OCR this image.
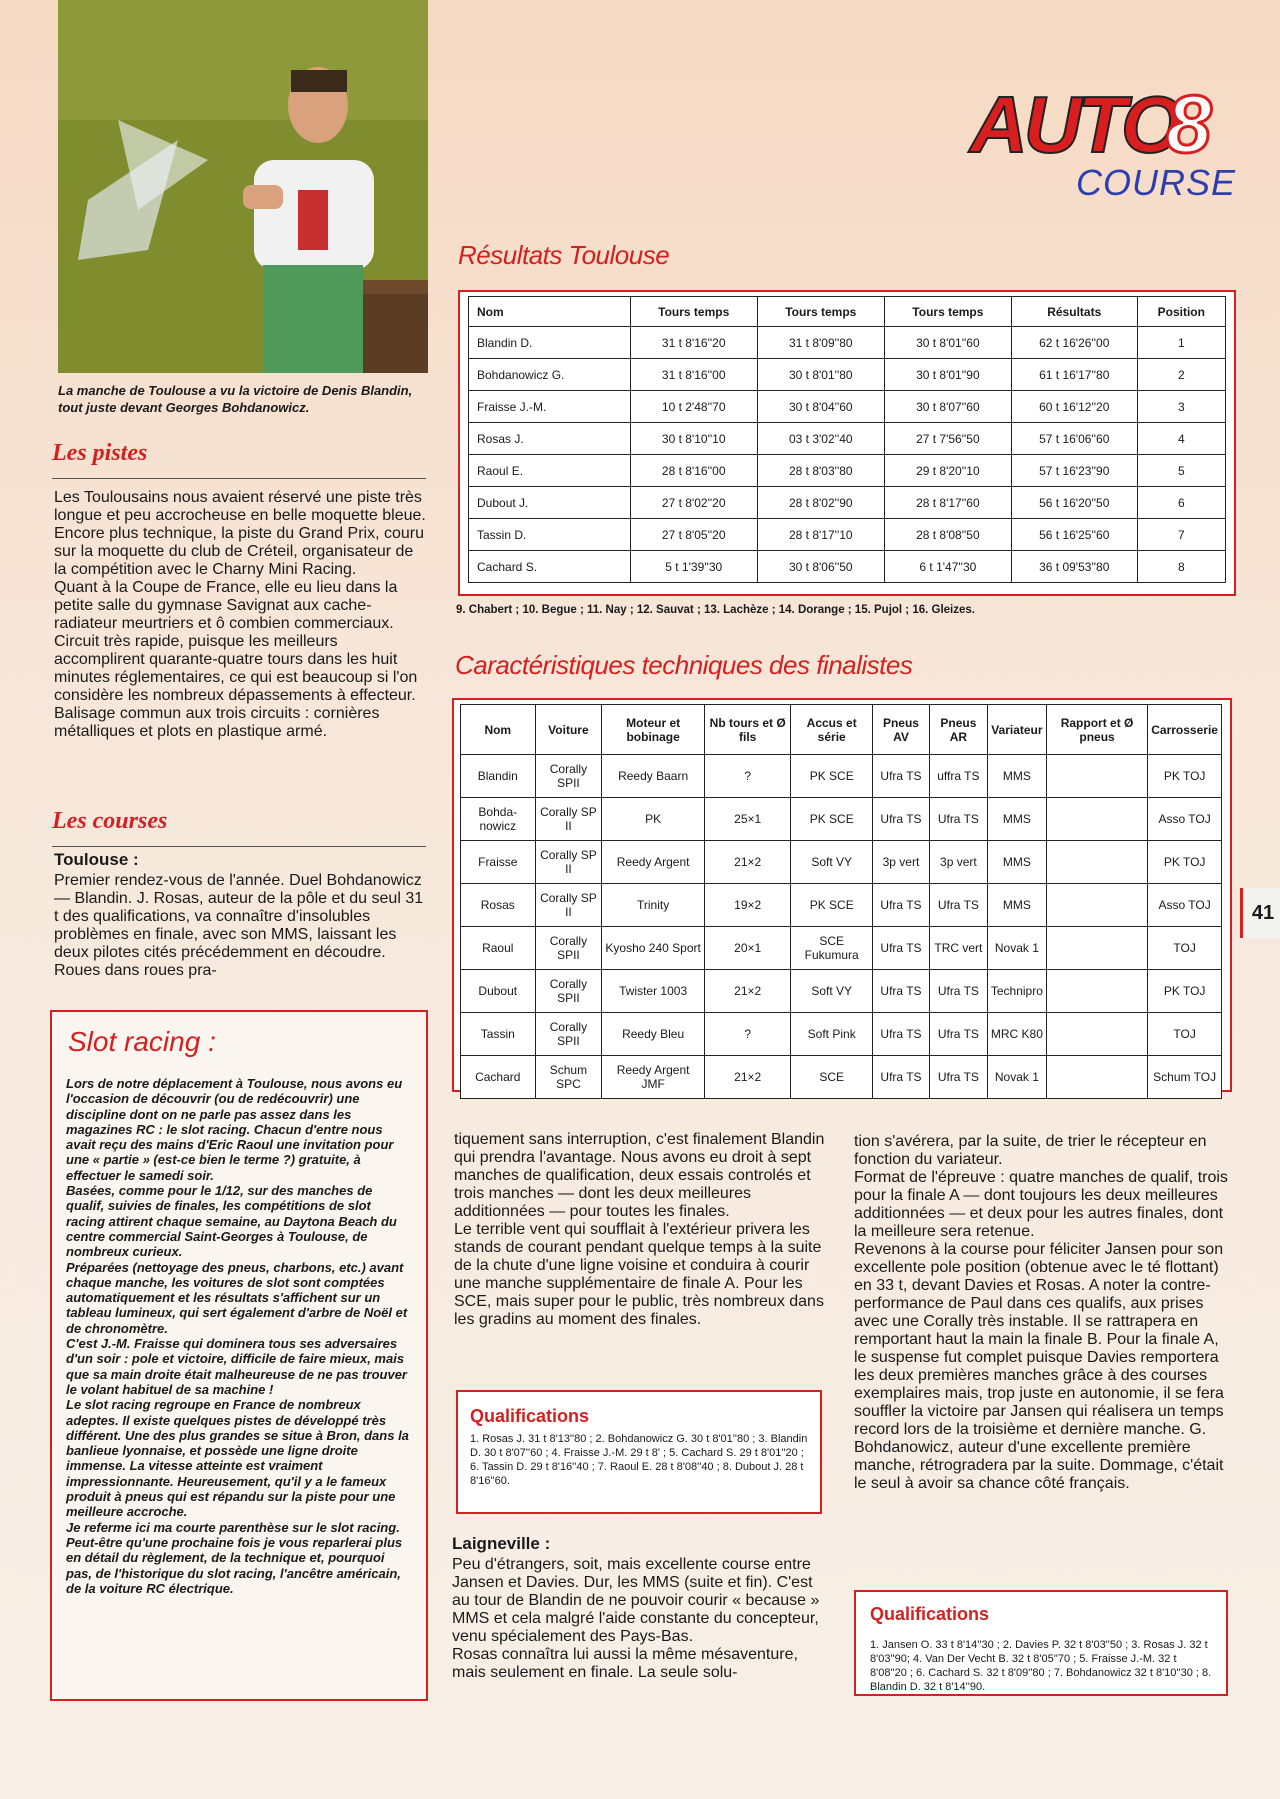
La manche de Toulouse a vu la victoire de Denis Blandin, tout juste devant Georges Bohdanowicz.
AUTO
8
COURSE
Les pistes
Les Toulousains nous avaient réservé une piste très longue et peu accrocheuse en belle moquette bleue. Encore plus technique, la piste du Grand Prix, couru sur la moquette du club de Créteil, organisateur de la compétition avec le Charny Mini Racing.
Quant à la Coupe de France, elle eu lieu dans la petite salle du gymnase Savignat aux cache-radiateur meurtriers et ô combien commerciaux. Circuit très rapide, puisque les meilleurs accomplirent quarante-quatre tours dans les huit minutes réglementaires, ce qui est beaucoup si l'on considère les nombreux dépassements à effecteur. Balisage commun aux trois circuits : cornières métalliques et plots en plastique armé.
Les courses
Toulouse :
Premier rendez-vous de l'année. Duel Bohdanowicz — Blandin. J. Rosas, auteur de la pôle et du seul 31 t des qualifications, va connaître d'insolubles problèmes en finale, avec son MMS, laissant les deux pilotes cités précédemment en découdre. Roues dans roues pra-
Slot racing :
Lors de notre déplacement à Toulouse, nous avons eu l'occasion de découvrir (ou de redécouvrir) une discipline dont on ne parle pas assez dans les magazines RC : le slot racing. Chacun d'entre nous avait reçu des mains d'Eric Raoul une invitation pour une « partie » (est-ce bien le terme ?) gratuite, à effectuer le samedi soir.
Basées, comme pour le 1/12, sur des manches de qualif, suivies de finales, les compétitions de slot racing attirent chaque semaine, au Daytona Beach du centre commercial Saint-Georges à Toulouse, de nombreux curieux.
Préparées (nettoyage des pneus, charbons, etc.) avant chaque manche, les voitures de slot sont comptées automatiquement et les résultats s'affichent sur un tableau lumineux, qui sert également d'arbre de Noël et de chronomètre.
C'est J.-M. Fraisse qui dominera tous ses adversaires d'un soir : pole et victoire, difficile de faire mieux, mais que sa main droite était malheureuse de ne pas trouver le volant habituel de sa machine !
Le slot racing regroupe en France de nombreux adeptes. Il existe quelques pistes de développé très différent. Une des plus grandes se situe à Bron, dans la banlieue lyonnaise, et possède une ligne droite immense. La vitesse atteinte est vraiment impressionnante. Heureusement, qu'il y a le fameux produit à pneus qui est répandu sur la piste pour une meilleure accroche.
Je referme ici ma courte parenthèse sur le slot racing. Peut-être qu'une prochaine fois je vous reparlerai plus en détail du règlement, de la technique et, pourquoi pas, de l'historique du slot racing, l'ancêtre américain, de la voiture RC électrique.
Résultats Toulouse
Nom	Tours temps	Tours temps	Tours temps	Résultats	Position
Blandin D.	31 t 8'16''20	31 t 8'09''80	30 t 8'01''60	62 t 16'26''00	1
Bohdanowicz G.	31 t 8'16''00	30 t 8'01''80	30 t 8'01''90	61 t 16'17''80	2
Fraisse J.-M.	10 t 2'48''70	30 t 8'04''60	30 t 8'07''60	60 t 16'12''20	3
Rosas J.	30 t 8'10''10	03 t 3'02''40	27 t 7'56''50	57 t 16'06''60	4
Raoul E.	28 t 8'16''00	28 t 8'03''80	29 t 8'20''10	57 t 16'23''90	5
Dubout J.	27 t 8'02''20	28 t 8'02''90	28 t 8'17''60	56 t 16'20''50	6
Tassin D.	27 t 8'05''20	28 t 8'17''10	28 t 8'08''50	56 t 16'25''60	7
Cachard S.	5 t 1'39''30	30 t 8'06''50	6 t 1'47''30	36 t 09'53''80	8
9. Chabert ; 10. Begue ; 11. Nay ; 12. Sauvat ; 13. Lachèze ; 14. Dorange ; 15. Pujol ; 16. Gleizes.
Caractéristiques techniques des finalistes
Nom	Voiture	Moteur et bobinage	Nb tours et Ø fils	Accus et série	Pneus AV	Pneus AR	Variateur	Rapport et Ø pneus	Carrosserie
Blandin	Corally SPII	Reedy Baarn	?	PK SCE	Ufra TS	uffra TS	MMS		PK TOJ
Bohda-nowicz	Corally SP II	PK	25×1	PK SCE	Ufra TS	Ufra TS	MMS		Asso TOJ
Fraisse	Corally SP II	Reedy Argent	21×2	Soft VY	3p vert	3p vert	MMS		PK TOJ
Rosas	Corally SP II	Trinity	19×2	PK SCE	Ufra TS	Ufra TS	MMS		Asso TOJ
Raoul	Corally SPII	Kyosho 240 Sport	20×1	SCE Fukumura	Ufra TS	TRC vert	Novak 1		TOJ
Dubout	Corally SPII	Twister 1003	21×2	Soft VY	Ufra TS	Ufra TS	Technipro		PK TOJ
Tassin	Corally SPII	Reedy Bleu	?	Soft Pink	Ufra TS	Ufra TS	MRC K80		TOJ
Cachard	Schum SPC	Reedy Argent JMF	21×2	SCE	Ufra TS	Ufra TS	Novak 1		Schum TOJ
41
tiquement sans interruption, c'est finalement Blandin qui prendra l'avantage. Nous avons eu droit à sept manches de qualification, deux essais controlés et trois manches — dont les deux meilleures additionnées — pour toutes les finales.
Le terrible vent qui soufflait à l'extérieur privera les stands de courant pendant quelque temps à la suite de la chute d'une ligne voisine et conduira à courir une manche supplémentaire de finale A. Pour les SCE, mais super pour le public, très nombreux dans les gradins au moment des finales.
Qualifications
1. Rosas J. 31 t 8'13''80 ; 2. Bohdanowicz G. 30 t 8'01''80 ; 3. Blandin D. 30 t 8'07''60 ; 4. Fraisse J.-M. 29 t 8' ; 5. Cachard S. 29 t 8'01''20 ; 6. Tassin D. 29 t 8'16''40 ; 7. Raoul E. 28 t 8'08''40 ; 8. Dubout J. 28 t 8'16''60.
Laigneville :
Peu d'étrangers, soit, mais excellente course entre Jansen et Davies. Dur, les MMS (suite et fin). C'est au tour de Blandin de ne pouvoir courir « because » MMS et cela malgré l'aide constante du concepteur, venu spécialement des Pays-Bas.
Rosas connaîtra lui aussi la même mésaventure, mais seulement en finale. La seule solu-
tion s'avérera, par la suite, de trier le récepteur en fonction du variateur.
Format de l'épreuve : quatre manches de qualif, trois pour la finale A — dont toujours les deux meilleures additionnées — et deux pour les autres finales, dont la meilleure sera retenue.
Revenons à la course pour féliciter Jansen pour son excellente pole position (obtenue avec le té flottant) en 33 t, devant Davies et Rosas. A noter la contre-performance de Paul dans ces qualifs, aux prises avec une Corally très instable. Il se rattrapera en remportant haut la main la finale B. Pour la finale A, le suspense fut complet puisque Davies remportera les deux premières manches grâce à des courses exemplaires mais, trop juste en autonomie, il se fera souffler la victoire par Jansen qui réalisera un temps record lors de la troisième et dernière manche. G. Bohdanowicz, auteur d'une excellente première manche, rétrogradera par la suite. Dommage, c'était le seul à avoir sa chance côté français.
Qualifications
1. Jansen O. 33 t 8'14''30 ; 2. Davies P. 32 t 8'03''50 ; 3. Rosas J. 32 t 8'03''90; 4. Van Der Vecht B. 32 t 8'05''70 ; 5. Fraisse J.-M. 32 t 8'08''20 ; 6. Cachard S. 32 t 8'09''80 ; 7. Bohdanowicz 32 t 8'10''30 ; 8. Blandin D. 32 t 8'14''90.
